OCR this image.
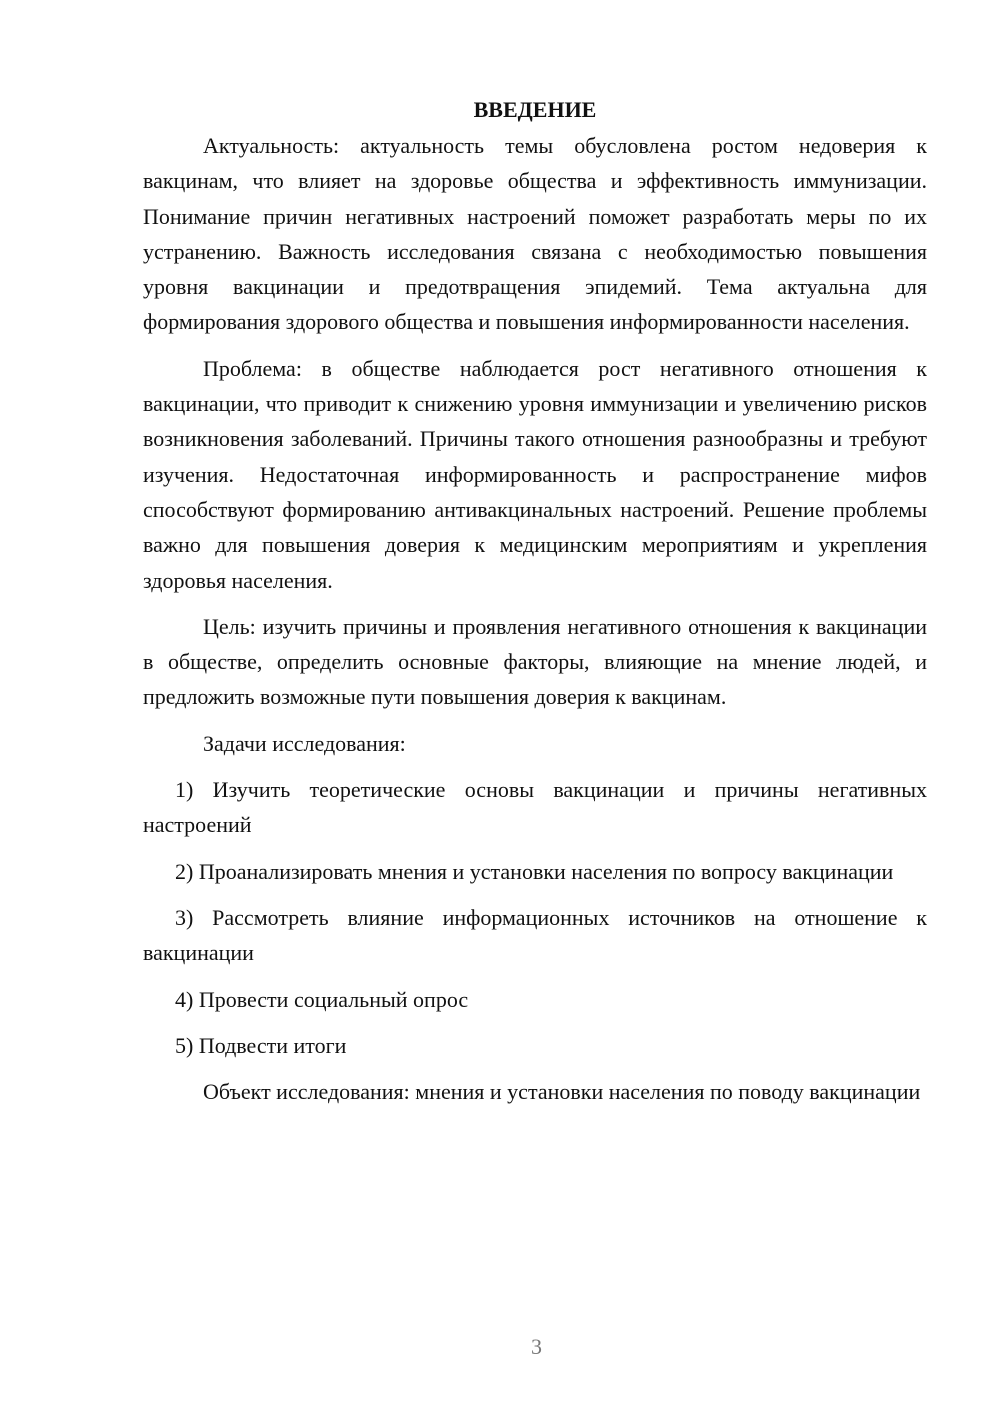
ВВЕДЕНИЕ

Актуальность: актуальность темы обусловлена ростом недоверия к вакцинам, что влияет на здоровье общества и эффективность иммунизации. Понимание причин негативных настроений поможет разработать меры по их устранению. Важность исследования связана с необходимостью повышения уровня вакцинации и предотвращения эпидемий. Тема актуальна для формирования здорового общества и повышения информированности населения.

Проблема: в обществе наблюдается рост негативного отношения к вакцинации, что приводит к снижению уровня иммунизации и увеличению рисков возникновения заболеваний. Причины такого отношения разнообразны и требуют изучения. Недостаточная информированность и распространение мифов способствуют формированию антивакцинальных настроений. Решение проблемы важно для повышения доверия к медицинским мероприятиям и укрепления здоровья населения.

Цель: изучить причины и проявления негативного отношения к вакцинации в обществе, определить основные факторы, влияющие на мнение людей, и предложить возможные пути повышения доверия к вакцинам.

Задачи исследования:

1) Изучить теоретические основы вакцинации и причины негативных настроений

2) Проанализировать мнения и установки населения по вопросу вакцинации

3) Рассмотреть влияние информационных источников на отношение к вакцинации

4) Провести социальный опрос

5) Подвести итоги

Объект исследования: мнения и установки населения по поводу вакцинации

3
